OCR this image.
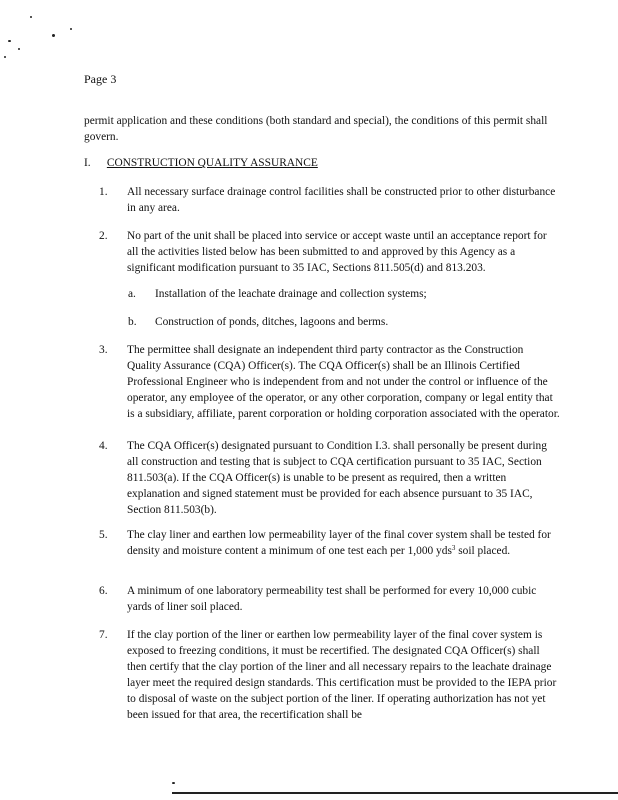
Page 3
permit application and these conditions (both standard and special), the conditions of this permit shall govern.
I. CONSTRUCTION QUALITY ASSURANCE
1. All necessary surface drainage control facilities shall be constructed prior to other disturbance in any area.
2. No part of the unit shall be placed into service or accept waste until an acceptance report for all the activities listed below has been submitted to and approved by this Agency as a significant modification pursuant to 35 IAC, Sections 811.505(d) and 813.203.
a. Installation of the leachate drainage and collection systems;
b. Construction of ponds, ditches, lagoons and berms.
3. The permittee shall designate an independent third party contractor as the Construction Quality Assurance (CQA) Officer(s). The CQA Officer(s) shall be an Illinois Certified Professional Engineer who is independent from and not under the control or influence of the operator, any employee of the operator, or any other corporation, company or legal entity that is a subsidiary, affiliate, parent corporation or holding corporation associated with the operator.
4. The CQA Officer(s) designated pursuant to Condition I.3. shall personally be present during all construction and testing that is subject to CQA certification pursuant to 35 IAC, Section 811.503(a). If the CQA Officer(s) is unable to be present as required, then a written explanation and signed statement must be provided for each absence pursuant to 35 IAC, Section 811.503(b).
5. The clay liner and earthen low permeability layer of the final cover system shall be tested for density and moisture content a minimum of one test each per 1,000 yds$^3$ soil placed.
6. A minimum of one laboratory permeability test shall be performed for every 10,000 cubic yards of liner soil placed.
7. If the clay portion of the liner or earthen low permeability layer of the final cover system is exposed to freezing conditions, it must be recertified. The designated CQA Officer(s) shall then certify that the clay portion of the liner and all necessary repairs to the leachate drainage layer meet the required design standards. This certification must be provided to the IEPA prior to disposal of waste on the subject portion of the liner. If operating authorization has not yet been issued for that area, the recertification shall be
